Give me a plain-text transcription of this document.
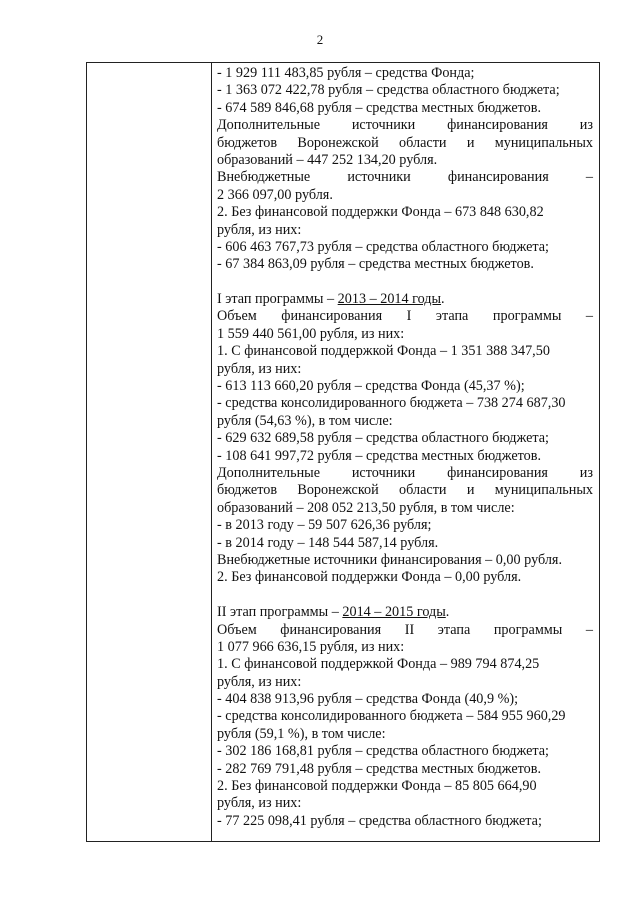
2
- 1 929 111 483,85 рубля – средства Фонда;
- 1 363 072 422,78 рубля – средства областного бюджета;
- 674 589 846,68 рубля – средства местных бюджетов.
Дополнительные источники финансирования из
бюджетов Воронежской области и муниципальных
образований – 447 252 134,20 рубля.
Внебюджетные источники финансирования –
2 366 097,00 рубля.
2. Без финансовой поддержки Фонда – 673 848 630,82
рубля, из них:
- 606 463 767,73 рубля – средства областного бюджета;
- 67 384 863,09 рубля – средства местных бюджетов.
I этап программы – 2013 – 2014 годы.
Объем финансирования I этапа программы –
1 559 440 561,00 рубля, из них:
1. С финансовой поддержкой Фонда – 1 351 388 347,50
рубля, из них:
- 613 113 660,20 рубля – средства Фонда (45,37 %);
- средства консолидированного бюджета – 738 274 687,30
рубля (54,63 %), в том числе:
- 629 632 689,58 рубля – средства областного бюджета;
- 108 641 997,72 рубля – средства местных бюджетов.
Дополнительные источники финансирования из
бюджетов Воронежской области и муниципальных
образований – 208 052 213,50 рубля, в том числе:
- в 2013 году – 59 507 626,36 рубля;
- в 2014 году – 148 544 587,14 рубля.
Внебюджетные источники финансирования – 0,00 рубля.
2. Без финансовой поддержки Фонда – 0,00 рубля.
II этап программы – 2014 – 2015 годы.
Объем финансирования II этапа программы –
1 077 966 636,15 рубля, из них:
1. С финансовой поддержкой Фонда – 989 794 874,25
рубля, из них:
- 404 838 913,96 рубля – средства Фонда (40,9 %);
- средства консолидированного бюджета – 584 955 960,29
рубля (59,1 %), в том числе:
- 302 186 168,81 рубля – средства областного бюджета;
- 282 769 791,48 рубля – средства местных бюджетов.
2. Без финансовой поддержки Фонда – 85 805 664,90
рубля, из них:
- 77 225 098,41 рубля – средства областного бюджета;
